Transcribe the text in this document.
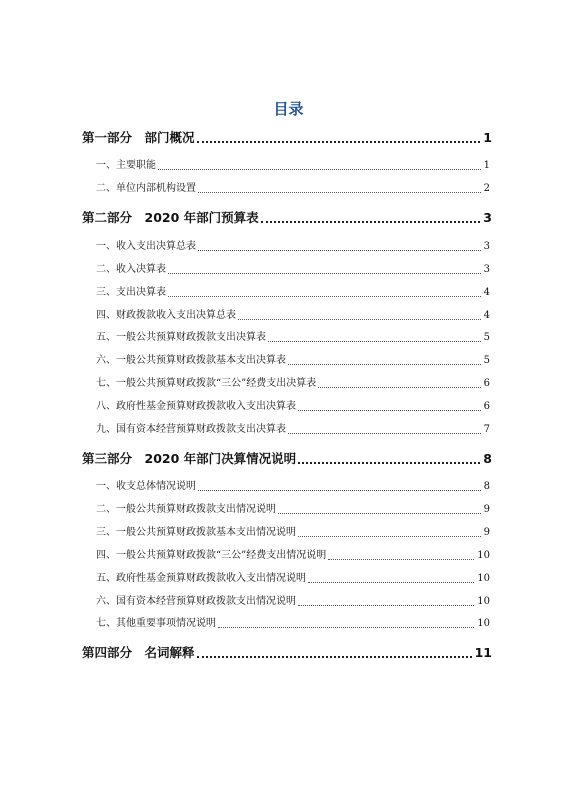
目录
第一部分　部门概况	1
一、主要职能	1
二、单位内部机构设置	2
第二部分　2020 年部门预算表	3
一、收入支出决算总表	3
二、收入决算表	3
三、支出决算表	4
四、财政拨款收入支出决算总表	4
五、一般公共预算财政拨款支出决算表	5
六、一般公共预算财政拨款基本支出决算表	5
七、一般公共预算财政拨款“三公”经费支出决算表	6
八、政府性基金预算财政拨款收入支出决算表	6
九、国有资本经营预算财政拨款支出决算表	7
第三部分　2020 年部门决算情况说明	8
一、收支总体情况说明	8
二、一般公共预算财政拨款支出情况说明	9
三、一般公共预算财政拨款基本支出情况说明	9
四、一般公共预算财政拨款“三公”经费支出情况说明	10
五、政府性基金预算财政拨款收入支出情况说明	10
六、国有资本经营预算财政拨款支出情况说明	10
七、其他重要事项情况说明	10
第四部分　名词解释	11
